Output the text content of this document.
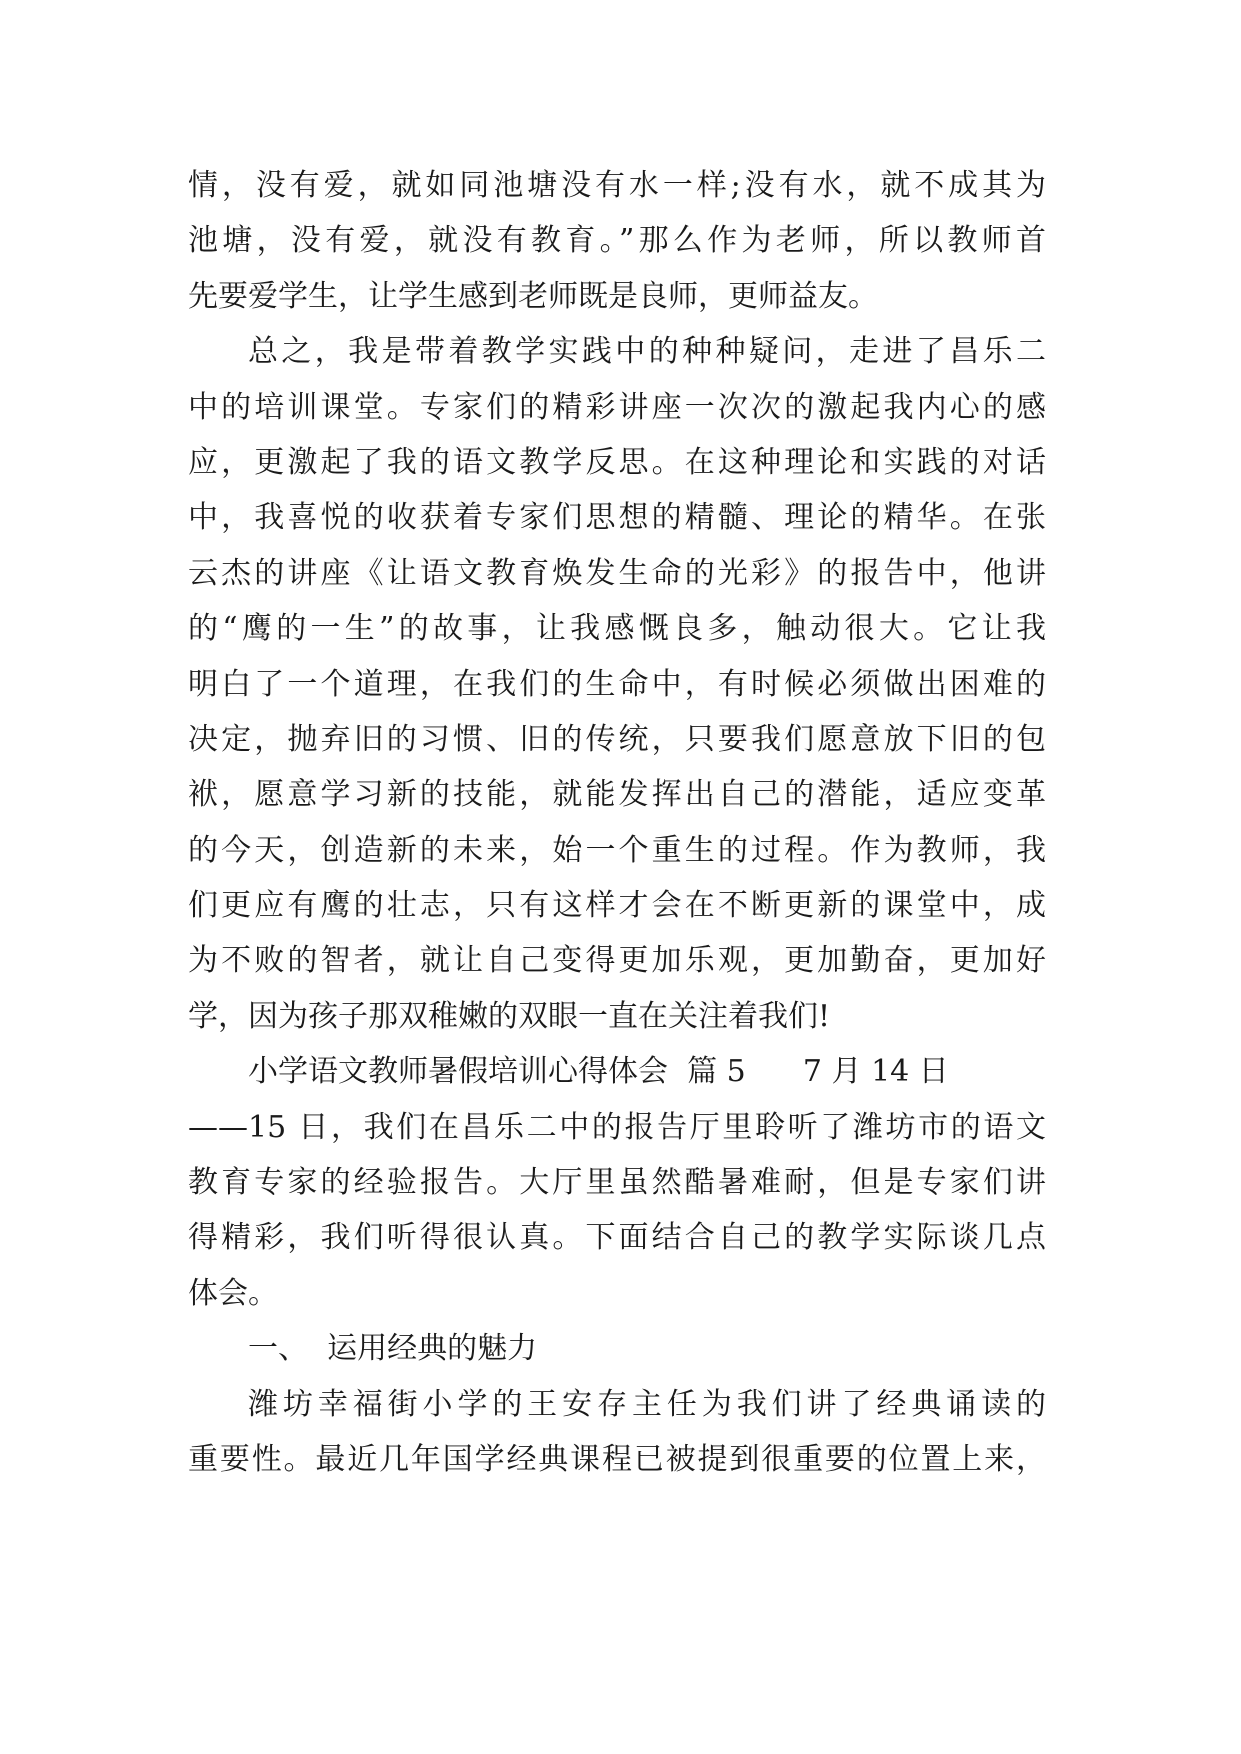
情，没有爱，就如同池塘没有水一样;没有水，就不成其为
池塘，没有爱，就没有教育。”那么作为老师，所以教师首
先要爱学生，让学生感到老师既是良师，更师益友。
总之，我是带着教学实践中的种种疑问，走进了昌乐二
中的培训课堂。专家们的精彩讲座一次次的激起我内心的感
应，更激起了我的语文教学反思。在这种理论和实践的对话
中，我喜悦的收获着专家们思想的精髓、理论的精华。在张
云杰的讲座《让语文教育焕发生命的光彩》的报告中，他讲
的“鹰的一生”的故事，让我感慨良多，触动很大。它让我
明白了一个道理，在我们的生命中，有时候必须做出困难的
决定，抛弃旧的习惯、旧的传统，只要我们愿意放下旧的包
袱，愿意学习新的技能，就能发挥出自己的潜能，适应变革
的今天，创造新的未来，始一个重生的过程。作为教师，我
们更应有鹰的壮志，只有这样才会在不断更新的课堂中，成
为不败的智者，就让自己变得更加乐观，更加勤奋，更加好
学，因为孩子那双稚嫩的双眼一直在关注着我们!
小学语文教师暑假培训心得体会  篇 5      7 月 14 日
——15 日，我们在昌乐二中的报告厅里聆听了潍坊市的语文
教育专家的经验报告。大厅里虽然酷暑难耐，但是专家们讲
得精彩，我们听得很认真。下面结合自己的教学实际谈几点
体会。
一、  运用经典的魅力
潍坊幸福街小学的王安存主任为我们讲了经典诵读的
重要性。最近几年国学经典课程已被提到很重要的位置上来，
